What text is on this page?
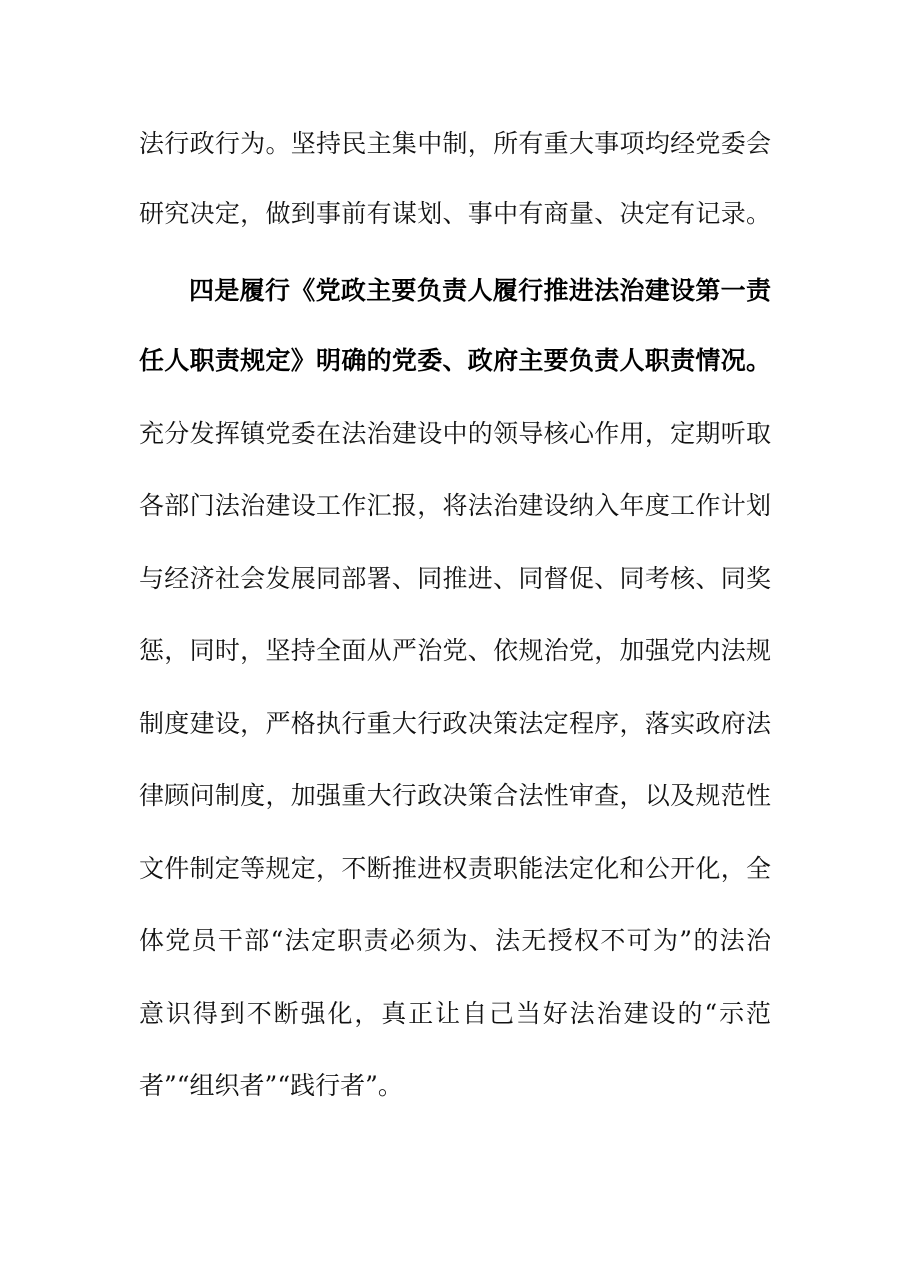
法行政行为。坚持民主集中制，所有重大事项均经党委会
研究决定，做到事前有谋划、事中有商量、决定有记录。
四是履行《党政主要负责人履行推进法治建设第一责
任人职责规定》明确的党委、政府主要负责人职责情况。
充分发挥镇党委在法治建设中的领导核心作用，定期听取
各部门法治建设工作汇报，将法治建设纳入年度工作计划
与经济社会发展同部署、同推进、同督促、同考核、同奖
惩，同时，坚持全面从严治党、依规治党，加强党内法规
制度建设，严格执行重大行政决策法定程序，落实政府法
律顾问制度，加强重大行政决策合法性审查，以及规范性
文件制定等规定，不断推进权责职能法定化和公开化，全
体党员干部“法定职责必须为、法无授权不可为”的法治
意识得到不断强化，真正让自己当好法治建设的“示范
者”“组织者”“践行者”。
